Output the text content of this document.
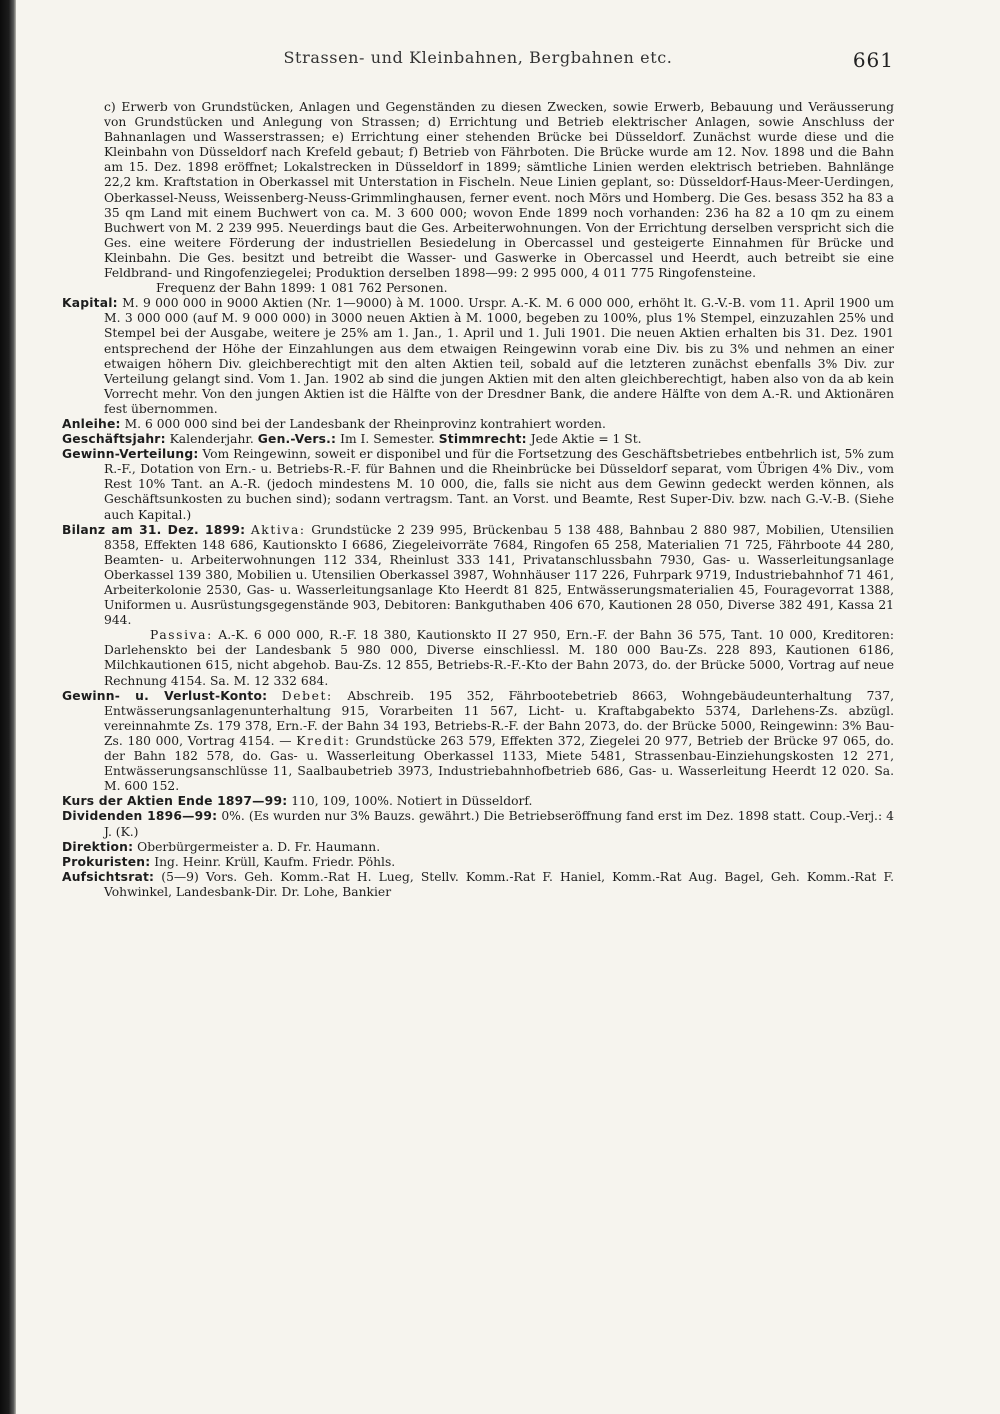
Strassen- und Kleinbahnen, Bergbahnen etc.	661

c) Erwerb von Grundstücken, Anlagen und Gegenständen zu diesen Zwecken, sowie Erwerb, Bebauung und Veräusserung von Grundstücken und Anlegung von Strassen; d) Errichtung und Betrieb elektrischer Anlagen, sowie Anschluss der Bahnanlagen und Wasserstrassen; e) Errichtung einer stehenden Brücke bei Düsseldorf. Zunächst wurde diese und die Kleinbahn von Düsseldorf nach Krefeld gebaut; f) Betrieb von Fährboten. Die Brücke wurde am 12. Nov. 1898 und die Bahn am 15. Dez. 1898 eröffnet; Lokalstrecken in Düsseldorf in 1899; sämtliche Linien werden elektrisch betrieben. Bahnlänge 22,2 km. Kraftstation in Oberkassel mit Unterstation in Fischeln. Neue Linien geplant, so: Düsseldorf-Haus-Meer-Uerdingen, Oberkassel-Neuss, Weissenberg-Neuss-Grimmlinghausen, ferner event. noch Mörs und Homberg. Die Ges. besass 352 ha 83 a 35 qm Land mit einem Buchwert von ca. M. 3 600 000; wovon Ende 1899 noch vorhanden: 236 ha 82 a 10 qm zu einem Buchwert von M. 2 239 995. Neuerdings baut die Ges. Arbeiterwohnungen. Von der Errichtung derselben verspricht sich die Ges. eine weitere Förderung der industriellen Besiedelung in Obercassel und gesteigerte Einnahmen für Brücke und Kleinbahn. Die Ges. besitzt und betreibt die Wasser- und Gaswerke in Obercassel und Heerdt, auch betreibt sie eine Feldbrand- und Ringofenziegelei; Produktion derselben 1898—99: 2 995 000, 4 011 775 Ringofensteine.

Frequenz der Bahn 1899: 1 081 762 Personen.

Kapital: M. 9 000 000 in 9000 Aktien (Nr. 1—9000) à M. 1000. Urspr. A.-K. M. 6 000 000, erhöht lt. G.-V.-B. vom 11. April 1900 um M. 3 000 000 (auf M. 9 000 000) in 3000 neuen Aktien à M. 1000, begeben zu 100%, plus 1% Stempel, einzuzahlen 25% und Stempel bei der Ausgabe, weitere je 25% am 1. Jan., 1. April und 1. Juli 1901. Die neuen Aktien erhalten bis 31. Dez. 1901 entsprechend der Höhe der Einzahlungen aus dem etwaigen Reingewinn vorab eine Div. bis zu 3% und nehmen an einer etwaigen höhern Div. gleichberechtigt mit den alten Aktien teil, sobald auf die letzteren zunächst ebenfalls 3% Div. zur Verteilung gelangt sind. Vom 1. Jan. 1902 ab sind die jungen Aktien mit den alten gleichberechtigt, haben also von da ab kein Vorrecht mehr. Von den jungen Aktien ist die Hälfte von der Dresdner Bank, die andere Hälfte von dem A.-R. und Aktionären fest übernommen.

Anleihe: M. 6 000 000 sind bei der Landesbank der Rheinprovinz kontrahiert worden.

Geschäftsjahr: Kalenderjahr. Gen.-Vers.: Im I. Semester. Stimmrecht: Jede Aktie = 1 St.

Gewinn-Verteilung: Vom Reingewinn, soweit er disponibel und für die Fortsetzung des Geschäftsbetriebes entbehrlich ist, 5% zum R.-F., Dotation von Ern.- u. Betriebs-R.-F. für Bahnen und die Rheinbrücke bei Düsseldorf separat, vom Übrigen 4% Div., vom Rest 10% Tant. an A.-R. (jedoch mindestens M. 10 000, die, falls sie nicht aus dem Gewinn gedeckt werden können, als Geschäftsunkosten zu buchen sind); sodann vertragsm. Tant. an Vorst. und Beamte, Rest Super-Div. bzw. nach G.-V.-B. (Siehe auch Kapital.)

Bilanz am 31. Dez. 1899: Aktiva: Grundstücke 2 239 995, Brückenbau 5 138 488, Bahnbau 2 880 987, Mobilien, Utensilien 8358, Effekten 148 686, Kautionskto I 6686, Ziegeleivorräte 7684, Ringofen 65 258, Materialien 71 725, Fährboote 44 280, Beamten- u. Arbeiterwohnungen 112 334, Rheinlust 333 141, Privatanschlussbahn 7930, Gas- u. Wasserleitungsanlage Oberkassel 139 380, Mobilien u. Utensilien Oberkassel 3987, Wohnhäuser 117 226, Fuhrpark 9719, Industriebahnhof 71 461, Arbeiterkolonie 2530, Gas- u. Wasserleitungsanlage Kto Heerdt 81 825, Entwässerungsmaterialien 45, Fouragevorrat 1388, Uniformen u. Ausrüstungsgegenstände 903, Debitoren: Bankguthaben 406 670, Kautionen 28 050, Diverse 382 491, Kassa 21 944.

Passiva: A.-K. 6 000 000, R.-F. 18 380, Kautionskto II 27 950, Ern.-F. der Bahn 36 575, Tant. 10 000, Kreditoren: Darlehenskto bei der Landesbank 5 980 000, Diverse einschliessl. M. 180 000 Bau-Zs. 228 893, Kautionen 6186, Milchkautionen 615, nicht abgehob. Bau-Zs. 12 855, Betriebs-R.-F.-Kto der Bahn 2073, do. der Brücke 5000, Vortrag auf neue Rechnung 4154. Sa. M. 12 332 684.

Gewinn- u. Verlust-Konto: Debet: Abschreib. 195 352, Fährbootebetrieb 8663, Wohngebäudeunterhaltung 737, Entwässerungsanlagenunterhaltung 915, Vorarbeiten 11 567, Licht- u. Kraftabgabekto 5374, Darlehens-Zs. abzügl. vereinnahmte Zs. 179 378, Ern.-F. der Bahn 34 193, Betriebs-R.-F. der Bahn 2073, do. der Brücke 5000, Reingewinn: 3% Bau-Zs. 180 000, Vortrag 4154. — Kredit: Grundstücke 263 579, Effekten 372, Ziegelei 20 977, Betrieb der Brücke 97 065, do. der Bahn 182 578, do. Gas- u. Wasserleitung Oberkassel 1133, Miete 5481, Strassenbau-Einziehungskosten 12 271, Entwässerungsanschlüsse 11, Saalbaubetrieb 3973, Industriebahnhofbetrieb 686, Gas- u. Wasserleitung Heerdt 12 020. Sa. M. 600 152.

Kurs der Aktien Ende 1897—99: 110, 109, 100%. Notiert in Düsseldorf.

Dividenden 1896—99: 0%. (Es wurden nur 3% Bauzs. gewährt.) Die Betriebseröffnung fand erst im Dez. 1898 statt. Coup.-Verj.: 4 J. (K.)

Direktion: Oberbürgermeister a. D. Fr. Haumann.

Prokuristen: Ing. Heinr. Krüll, Kaufm. Friedr. Pöhls.

Aufsichtsrat: (5—9) Vors. Geh. Komm.-Rat H. Lueg, Stellv. Komm.-Rat F. Haniel, Komm.-Rat Aug. Bagel, Geh. Komm.-Rat F. Vohwinkel, Landesbank-Dir. Dr. Lohe, Bankier
